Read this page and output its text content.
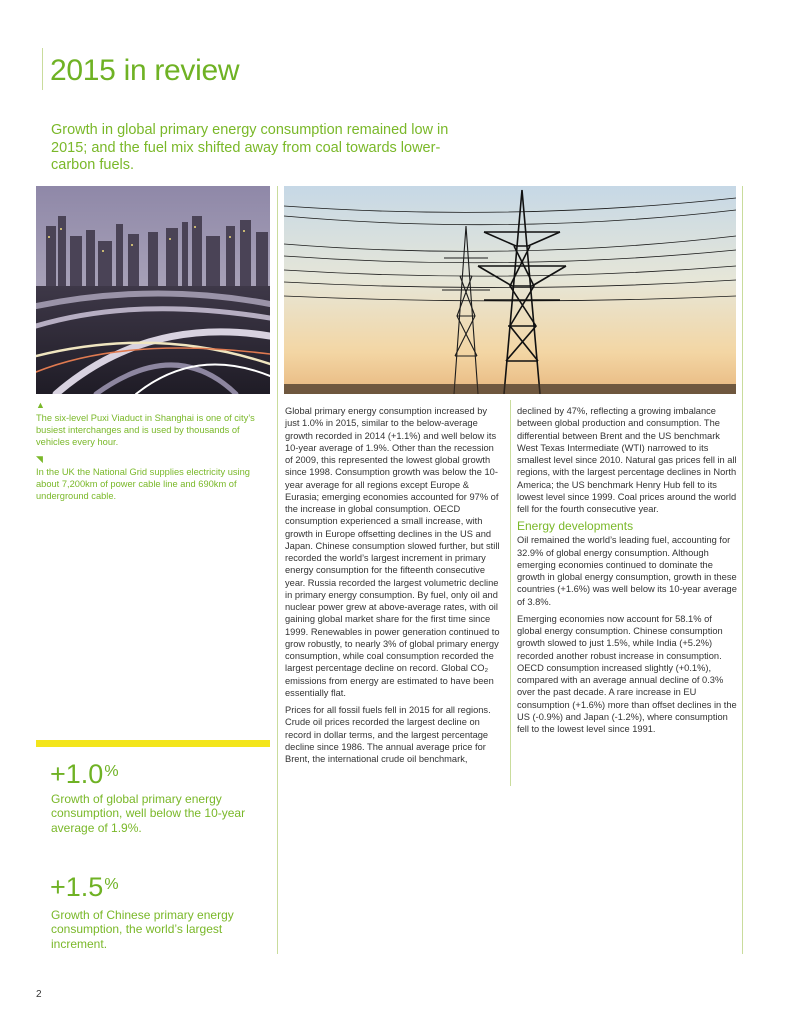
2015 in review

Growth in global primary energy consumption remained low in 2015; and the fuel mix shifted away from coal towards lower-carbon fuels.

▲

The six-level Puxi Viaduct in Shanghai is one of city’s busiest interchanges and is used by thousands of vehicles every hour.

◥

In the UK the National Grid supplies electricity using about 7,200km of power cable line and 690km of underground cable.

Global primary energy consumption increased by just 1.0% in 2015, similar to the below-average growth recorded in 2014 (+1.1%) and well below its 10-year average of 1.9%. Other than the recession of 2009, this represented the lowest global growth since 1998. Consumption growth was below the 10-year average for all regions except Europe & Eurasia; emerging economies accounted for 97% of the increase in global consumption. OECD consumption experienced a small increase, with growth in Europe offsetting declines in the US and Japan. Chinese consumption slowed further, but still recorded the world’s largest increment in primary energy consumption for the fifteenth consecutive year. Russia recorded the largest volumetric decline in primary energy consumption. By fuel, only oil and nuclear power grew at above-average rates, with oil gaining global market share for the first time since 1999. Renewables in power generation continued to grow robustly, to nearly 3% of global primary energy consumption, while coal consumption recorded the largest percentage decline on record. Global CO₂ emissions from energy are estimated to have been essentially flat.

Prices for all fossil fuels fell in 2015 for all regions. Crude oil prices recorded the largest decline on record in dollar terms, and the largest percentage decline since 1986. The annual average price for Brent, the international crude oil benchmark,

declined by 47%, reflecting a growing imbalance between global production and consumption. The differential between Brent and the US benchmark West Texas Intermediate (WTI) narrowed to its smallest level since 2010. Natural gas prices fell in all regions, with the largest percentage declines in North America; the US benchmark Henry Hub fell to its lowest level since 1999. Coal prices around the world fell for the fourth consecutive year.

Energy developments

Oil remained the world’s leading fuel, accounting for 32.9% of global energy consumption. Although emerging economies continued to dominate the growth in global energy consumption, growth in these countries (+1.6%) was well below its 10-year average of 3.8%.

Emerging economies now account for 58.1% of global energy consumption. Chinese consumption growth slowed to just 1.5%, while India (+5.2%) recorded another robust increase in consumption. OECD consumption increased slightly (+0.1%), compared with an average annual decline of 0.3% over the past decade. A rare increase in EU consumption (+1.6%) more than offset declines in the US (-0.9%) and Japan (-1.2%), where consumption fell to the lowest level since 1991.

+1.0%

Growth of global primary energy consumption, well below the 10-year average of 1.9%.

+1.5%

Growth of Chinese primary energy consumption, the world’s largest increment.

2
